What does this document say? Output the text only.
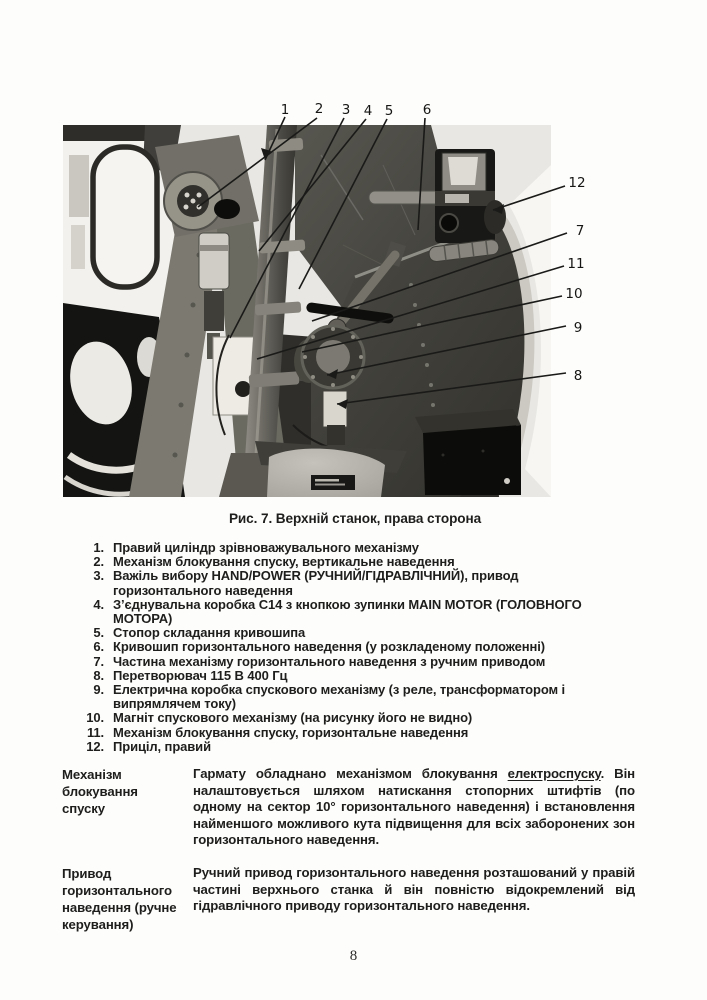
1 2 3 4 5 6
12
7
11
10
9
8
Рис. 7. Верхній станок, права сторона
1. Правий циліндр зрівноважувального механізму
2. Механізм блокування спуску, вертикальне наведення
3. Важіль вибору HAND/POWER (РУЧНИЙ/ГІДРАВЛІЧНИЙ), привод горизонтального наведення
4. З’єднувальна коробка C14 з кнопкою зупинки MAIN MOTOR (ГОЛОВНОГО МОТОРА)
5. Стопор складання кривошипа
6. Кривошип горизонтального наведення (у розкладеному положенні)
7. Частина механізму горизонтального наведення з ручним приводом
8. Перетворювач 115 В 400 Гц
9. Електрична коробка спускового механізму (з реле, трансформатором і випрямлячем току)
10. Магніт спускового механізму (на рисунку його не видно)
11. Механізм блокування спуску, горизонтальне наведення
12. Приціл, правий
Механізм блокування спуску
Гармату обладнано механізмом блокування електроспуску. Він налаштовується шляхом натискання стопорних штифтів (по одному на сектор 10° горизонтального наведення) і встановлення найменшого можливого кута підвищення для всіх заборонених зон горизонтального наведення.
Привод горизонтального наведення (ручне керування)
Ручний привод горизонтального наведення розташований у правій частині верхнього станка й він повністю відокремлений від гідравлічного приводу горизонтального наведення.
8
